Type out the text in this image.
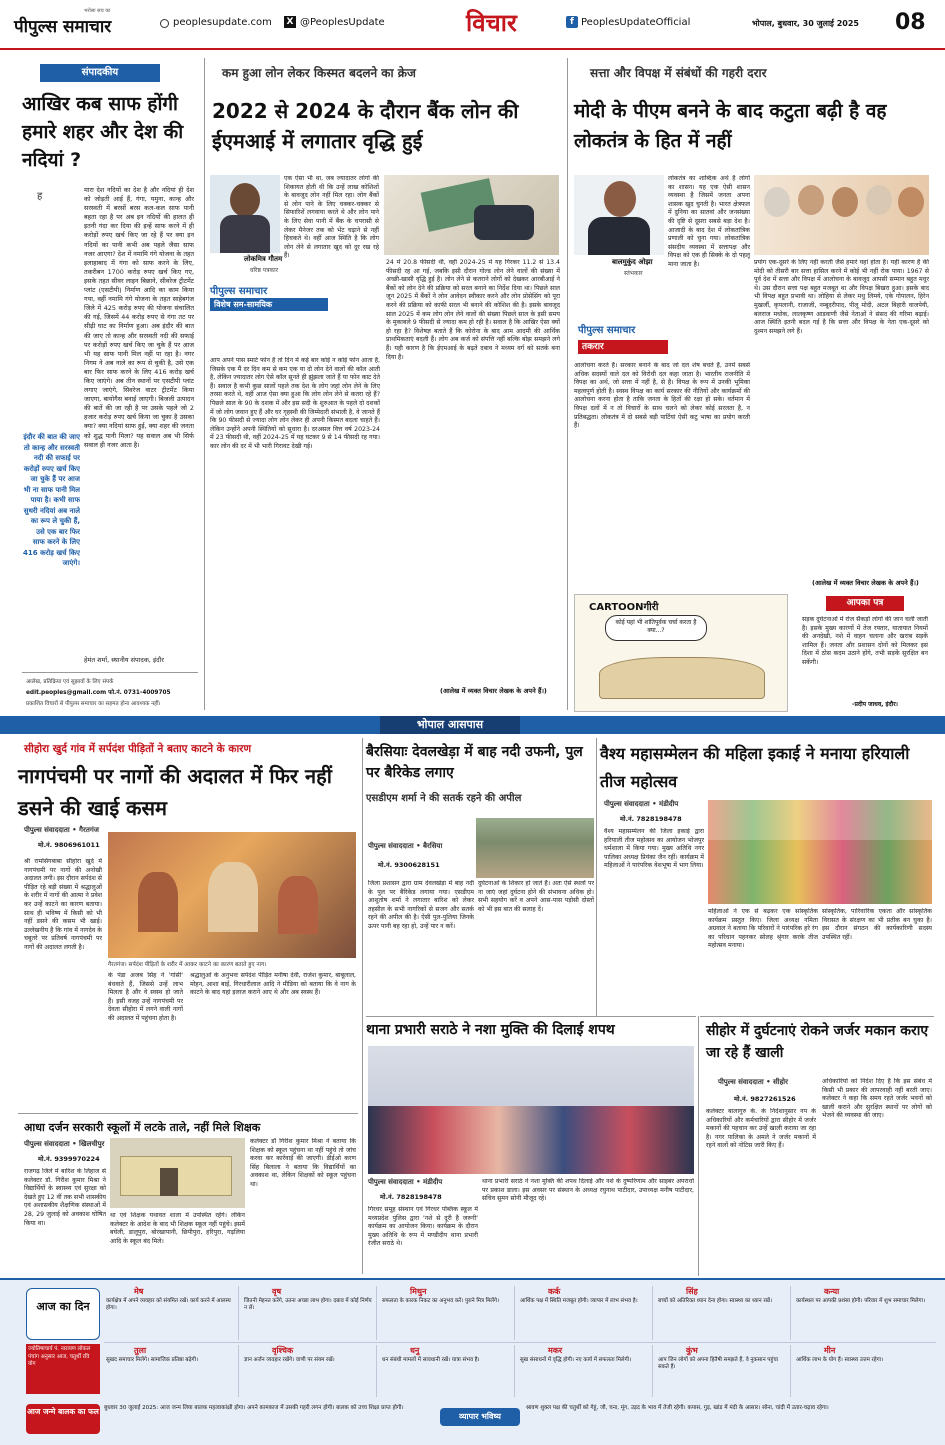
भरोसा सच का
पीपुल्स समाचार	peoplesupdate.com X @PeoplesUpdate	विचार	f PeoplesUpdateOfficial	भोपाल, बुधवार, 30 जुलाई 2025 08
संपादकीय
आखिर कब साफ होंगी हमारे शहर और देश की नदियां ?
ह
मारा देश नदियों का देश है और नदियां ही देश को जोड़ती आई हैं, गंगा, यमुना, कान्ह और सरस्वती में बरसों बरस कल-कल साफ पानी बहता रहा है पर अब इन नदियों की हालत ही इतनी गंदा कर दिया की इन्हें साफ करने में ही करोड़ों रुपए खर्च किए जा रहे हैं पर क्या इन नदियों का पानी कभी अब पहले जैसा साफ नजर आएगा? देश में नमामि गंगे योजना के तहत इलाहाबाद में गंगा को साफ करने के लिए, तकरीबन 1700 करोड़ रुपए खर्च किए गए, इसके तहत सीवर लाइन बिछाने, सीवरेज ट्रीटमेंट प्लांट (एसटीपी) निर्माण आदि का काम किया गया, वहीं नमामि गंगे योजना के तहत साहेबगंज जिले में 425 करोड़ रुपए की योजना संचालित की गई, जिसमें 44 करोड़ रुपए से गंगा तट पर सीढ़ी घाट का निर्माण हुआ। अब इंदौर की बात की जाए तो कान्ह और सरस्वती नदी की सफाई पर करोड़ों रुपए खर्च किए जा चुके हैं पर आज भी यह साफ पानी मिल नहीं पा रहा है। नगर निगम ने अब नाले का रूप से चुकी है, उसे एक बार फिर साफ करने के लिए 416 करोड़ खर्च किए जाएंगे। अब तीन स्थानों पर एसटीपी प्लांट लगाए जाएंगे, सिवरेज वाटर ट्रीटमेंट किया जाएगा, बायोगैस बनाई जाएगी। बिजली उत्पादन की बातें की जा रही है पर उसके पहले जो 2 हजार करोड़ रुपए खर्च किया जा चुका है उसका क्या? क्या नदियां साफ हुई, क्या शहर की जनता को शुद्ध पानी मिला? यह सवाल अब भी सिर्फ सवाल ही नजर आता है।
इंदौर की बात की जाए तो कान्ह और सरस्वती नदी की सफाई पर करोड़ों रुपए खर्च किए जा चुके हैं पर आज भी ना साफ पानी मिल पाया है। कभी साफ सुथरी नदियां अब नाले का रूप ले चुकी हैं, उसे एक बार फिर साफ करने के लिए 416 करोड़ खर्च किए जाएंगे।
हेमंत शर्मा, स्थानीय संपादक, इंदौर
आलेख, प्रतिक्रिया एवं सुझावों के लिए संपर्क
edit.peoples@gmail.com फो.नं. 0731-4009705
प्रकाशित विचारों से पीपुल्स समाचार का सहमत होना आवश्यक नहीं।
कम हुआ लोन लेकर किस्मत बदलने का क्रेज
2022 से 2024 के दौरान बैंक लोन की ईएमआई में लगातार वृद्धि हुई
लोकमित्र गौतम
वरिष्ठ पत्रकार
पीपुल्स समाचार
विशेष सम-सामयिक
एक ऐसा भी था, जब ज्यादातर लोगों की शिकायत होती थी कि उन्हें लाख कोशिशों के बावजूद लोन नहीं मिल रहा। लोग बैंकों से लोन पाने के लिए चक्कर-चक्कर से सिफारिशें लगवाया करते थे और लोन पाने के लिए सेवा पानी में बैंक के चपरासी से लेकर मैनेजर तक को भेंट चढ़ाने से नहीं हिचकते थे। वहीं आज स्थिति है कि लोग लोन लेने से लगातार खुद को दूर रख रहे हैं।
आप अपने पास स्मार्ट फोन है तो दिन में कई बार कोई न कोई फोन आता है, जिसके एक मैं दर दिन कम से कम एक या दो लोन देने वालों की कॉल आती है, लेकिन ज्यादातर लोग ऐसे कॉल सुनते ही झुंझला जाते हैं या फोन काट देते हैं। सवाल है कभी कुछ सालों पहले तक देश के लोग जहां लोन लेने के लिए तरसा करते थे, वहीं आज ऐसा क्या हुआ कि लोग लोन लेने से कतरा रहे हैं? पिछले साल के 90 के दशक में और इस सदी के शुरुआत के पहले दो दशकों में जो लोग जवान हुए हैं और घर गृहस्थी की जिम्मेदारी संभाली है, वे जानते हैं कि 90 फीसदी से ज्यादा लोग लोन लेकर ही अपनी किस्मत बदला चाहते हैं। लेकिन उन्होंने अपनी स्थितियों को सुधारा है। दरअसल वित्त वर्ष 2023-24 में 23 फीसदी थी, वहीं 2024-25 में यह घटकर 9 से 14 फीसदी रह गया। कार लोन की दर में भी भारी गिरावट देखी गई।
24 में 20.8 फीसदी थी, वहीं 2024-25 में यह गिरकर 11.2 से 13.4 फीसदी रह आ गई, जबकि इसी दौरान गोल्ड लोन लेने वालों की संख्या में अच्छी-खासी वृद्धि हुई है। लोन लेने से कतराने लोगों को देखकर आरबीआई ने बैंकों को लोन देने की प्रक्रिया को सरल बनाने का निर्देश दिया था। पिछले साल जून 2025 में बैंकों ने लोन आवेदन स्वीकार करने और लोन प्रोसेसिंग को पूरा करने की प्रक्रिया को काफी सरल भी बनाने की कोशिश की है। इसके बावजूद साल 2025 में कम लोग लोन लेने वालों की संख्या पिछले साल के इसी समय के मुकाबले 9 फीसदी से ज्यादा कम हो रही है। सवाल है कि आखिर ऐसा क्यों हो रहा है? विशेषज्ञ बताते हैं कि कोरोना के बाद आम आदमी की आर्थिक प्राथमिकताएं बदली हैं। लोग अब कर्ज को संपत्ति नहीं बल्कि बोझ समझने लगे हैं। यही कारण है कि ईएमआई के बढ़ते दबाव ने मध्यम वर्ग को सतर्क बना दिया है।
(आलेख में व्यक्त विचार लेखक के अपने हैं।)
सत्ता और विपक्ष में संबंधों की गहरी दरार
मोदी के पीएम बनने के बाद कटुता बढ़ी है वह लोकतंत्र के हित में नहीं
बालमुकुंद ओझा
स्तंभकार
पीपुल्स समाचार
तकरार
लोकतंत्र का शाब्दिक अर्थ है लोगों का शासन। यह एक ऐसी शासन व्यवस्था है जिसमें जनता अपना शासक खुद चुनती है। भारत क्षेत्रफल में दुनिया का सातवां और जनसंख्या की दृष्टि से दूसरा सबसे बड़ा देश है। आजादी के बाद देश में लोकतांत्रिक प्रणाली को चुना गया। लोकतांत्रिक संसदीय व्यवस्था में सत्तापक्ष और विपक्ष को एक ही सिक्के के दो पहलू माना जाता है।
आलोचना करते हैं। सरकार बनाने के बाद जो दल शेष बचते हैं, उनमें सबसे अधिक सदस्यों वाले दल को विरोधी दल कहा जाता है। भारतीय राजनीति में विपक्ष का अर्थ, जो सत्ता में नहीं है, से है। विपक्ष के रूप में उनकी भूमिका महत्वपूर्ण होती है। स्वस्थ विपक्ष का कार्य सरकार की नीतियों और कार्यक्रमों की आलोचना करना होता है ताकि जनता के हितों की रक्षा हो सके। वर्तमान में विपक्ष दलों में न तो विचारों के साथ चलने को लेकर कोई सरलता है, न प्रतिबद्धता। लोकतंत्र में दो सबसे बड़ी पार्टियां ऐसी कटु भाषा का प्रयोग करती हैं।
प्रयोग एक-दूसरे के लिए नहीं करती जैसे हमारे यहां होता है। यही कारण है की मोदी को तीसरी बार सत्ता हासिल करने में कोई भी नहीं रोक पाया। 1967 से पूर्व देश में सत्ता और विपक्ष में आलोचना के बावजूद आपसी सम्मान बहुत मधुर थे। उस दौरान सत्ता पक्ष बहुत मजबूत था और विपक्ष बिखरा हुआ। इसके बाद भी विपक्ष बहुत प्रभावी था। लोहिया से लेकर मधु लिमये, एके गोपालन, हिरेन मुखर्जी, कृपलानी, राजाजी, नम्बूदरीपाद, पीलू मोदी, अटल बिहारी वाजपेयी, बलराज मधोक, लालकृष्ण आडवाणी जैसे नेताओं ने संसद की गरिमा बढ़ाई। आज स्थिति इतनी बदल गई है कि सत्ता और विपक्ष के नेता एक-दूसरे को दुश्मन समझने लगे हैं।
(आलेख में व्यक्त विचार लेखक के अपने हैं।)
CARTOONगीरी
कोई यहां भी शांतिपूर्वक चर्चा करता है क्या...?
आपका पत्र
सड़क दुर्घटनाओं में रोज सैकड़ों लोगों की जान चली जाती है। इसके मुख्य कारणों में तेज रफ्तार, यातायात नियमों की अनदेखी, नशे में वाहन चलाना और खराब सड़कें शामिल हैं। जनता और प्रशासन दोनों को मिलकर इस दिशा में ठोस कदम उठाने होंगे, तभी सड़कें सुरक्षित बन सकेंगी।
-प्रदीप जाधव, इंदौर।
भोपाल आसपास
सीहोरा खुर्द गांव में सर्पदंश पीड़ितों ने बताए काटने के कारण
नागपंचमी पर नागों की अदालत में फिर नहीं डसने की खाई कसम
पीपुल्स संवाददाता • गैरतगंज
मो.नं. 9806961011
गैरतगंज। सर्पदंश पीड़ितों के शरीर में आकर काटने का कारण बताते हुए नाग।
श्री रामसिंगबाबा सीहोरा खुर्द में नागपंचमी पर नागों की अनोखी अदालत लगी। इस दौरान सर्पदंश से पीड़ित रहे बड़ी संख्या में श्रद्धालुओं के शरीर में नागों की आत्मा ने प्रवेश कर उन्हें काटने का कारण बताया। साथ ही भविष्य में किसी को भी नहीं डसने की कसम भी खाई। उल्लेखनीय है कि गांव में नागदेव के चबूतरे पर प्रतिवर्ष नागपंचमी पर नागों की अदालत लगती है।
के पंडा अजब सिंह ने 'गांसी' बंधवाते हैं, जिससे उन्हें लाभ मिलता है और वे स्वस्थ हो जाते हैं। इसी वजह उन्हें नागपंचमी पर देवता सीहोरा में लगने वाली नागों की अदालत में पहुंचना होता है।
श्रद्धालुओं के अनुभवः सर्पदंश पीड़ित मनीषा देवी, राजेश कुमार, बाबूलाल, मोहन, आशा बाई, गिरधारीलाल आदि ने मीडिया को बताया कि वे नाग के काटने के बाद यहां इलाज कराने आए थे और अब स्वस्थ हैं।
आधा दर्जन सरकारी स्कूलों में लटके ताले, नहीं मिले शिक्षक
पीपुल्स संवाददाता • खिलचीपुर
मो.नं. 9399970224
राजगढ़ जिले में बारिश के लिहाज से कलेक्टर डॉ. गिरीश कुमार मिश्रा ने विद्यार्थियों के स्वास्थ्य एवं सुरक्षा को देखते हुए 12 वीं तक सभी शासकीय एवं अशासकीय शैक्षणिक संस्थाओं में 28, 29 जुलाई को अवकाश घोषित किया था।
था एवं शिक्षक यथावत शाला में उपस्थित रहेंगे। लेकिन कलेक्टर के आदेश के बाद भी शिक्षक स्कूल नहीं पहुंचे। इसमें बघेली, डालूपुरा, बोरखापानी, छिपीपुरा, हरिपुरा, गढ़लिया आदि के स्कूल बंद मिले।
कलेक्टर डॉ गिरीश कुमार मिश्रा ने बताया कि शिक्षक को स्कूल पहुंचना था नहीं पहुंचे तो जांच करवा कर कार्रवाई की जाएगी। डीईओ करण सिंह बिलाला ने बताया कि विद्यार्थियों का अवकाश था, लेकिन शिक्षकों को स्कूल पहुंचना था।
बैरसियाः देवलखेड़ा में बाह नदी उफनी, पुल पर बैरिकेड लगाए
एसडीएम शर्मा ने की सतर्क रहने की अपील
पीपुल्स संवाददाता • बैरसिया
मो.नं. 9300628151
जिला प्रशासन द्वारा ग्राम देवलखेड़ा में बाह नदी के पुल पर बैरिकेड लगाया गया। एसडीएम आशुतोष शर्मा ने लगातार बारिश को लेकर तहसील के सभी नागरिकों से सजग और सतर्क रहने की अपील की है। ऐसी पुल-पुलिया जिनके ऊपर पानी बह रहा हो, उन्हें पार न करें।
दुर्घटनाओं के शिकार हो जाते हैं। अतः ऐसे स्थलों पर ना जाएं जहां दुर्घटना होने की संभावना अधिक हो। सभी सहयोग करें व अपने आस-पास पड़ोसी दोस्तों को भी इस बात की सलाह दें।
थाना प्रभारी सराठे ने नशा मुक्ति की दिलाई शपथ
पीपुल्स संवाददाता • मंडीदीप
मो.नं. 7828198478
गिरधर समूह संस्थान एवं गिरधर पब्लिक स्कूल में मध्यप्रदेश पुलिस द्वारा 'नशे से दूरी है जरूरी' कार्यक्रम का आयोजन किया। कार्यक्रम के दौरान मुख्य अतिथि के रूप में मण्डीदीप थाना प्रभारी रंजीत सराठे थे।
थाना प्रभारी सराठे ने नशा मुक्ति की शपथ दिलाई और नशे के दुष्परिणाम और साइबर अपराधों पर प्रकाश डाला। इस अवसर पर संस्थान के अध्यक्ष रघुनाथ पाटीदार, उपाध्यक्ष मनीष पाटीदार, सचिव सुमन सोनी मौजूद रहे।
वैश्य महासम्मेलन की महिला इकाई ने मनाया हरियाली तीज महोत्सव
पीपुल्स संवाददाता • मंडीदीप
मो.नं. 7828198478
वैश्य महासम्मेलन की जिला इकाई द्वारा हरियाली तीज महोत्सव का आयोजन भोजपुर धर्मशाला में किया गया। मुख्य अतिथि नगर पालिका अध्यक्ष प्रियंका जैन रहीं। कार्यक्रम में महिलाओं ने पारंपरिक वेशभूषा में भाग लिया।
महिलाओं ने एक से बढ़कर एक सांस्कृतिक कार्यक्रम प्रस्तुत किए। जिला अध्यक्ष नमिता अग्रवाल ने बताया कि परिवारों ने पारंपरिक हरे रंग का परिधान पहनकर सोलह श्रृंगार करके तीज महोत्सव मनाया।
सांस्कृतिक, पारिवारिक एकता और सांस्कृतिक विरासत के संरक्षण का भी प्रतीक बन चुका है। इस दौरान संगठन की कार्यकारिणी सदस्य उपस्थित रहीं।
सीहोर में दुर्घटनाएं रोकने जर्जर मकान कराए जा रहे हैं खाली
पीपुल्स संवाददाता • सीहोर
मो.नं. 9827261526
कलेक्टर बालागुरु के. के निर्देशानुसार नप के अधिकारियों और कर्मचारियों द्वारा सीहोर में जर्जर मकानों की पहचान कर उन्हें खाली कराया जा रहा है। नगर पालिका के अमले ने जर्जर मकानों में रहने वालों को नोटिस जारी किए हैं।
अधिकारियों को निर्देश दिए हैं कि इस संबंध में किसी भी प्रकार की लापरवाही नहीं बरती जाए। कलेक्टर ने कहा कि समय रहते जर्जर भवनों को खाली कराने और सुरक्षित स्थानों पर लोगों को भेजने की व्यवस्था की जाए।
आज का दिन
ज्योतिषाचार्य पं. नारायण लोकल पंचांग अनुसार आज, चतुर्थी रवि योग
मेष
कार्यक्षेत्र में अपने व्यवहार को संयमित रखें। कार्य करने में आलस्य होगा।
वृष
जितनी मेहनत करेंगे, उतना अच्छा लाभ होगा। दबाव में कोई निर्णय न लें।
मिथुन
सफलता के कारक निकट का अनुभव करें। पुराने मित्र मिलेंगे।
कर्क
आर्थिक पक्ष में स्थिति मजबूत होगी। व्यापार में लाभ संभव है।
सिंह
बच्चों को अतिरिक्त ध्यान देना होगा। स्वास्थ्य का ध्यान रखें।
कन्या
कार्यस्थल पर आपकी प्रशंसा होगी। परिवार में शुभ समाचार मिलेगा।
तुला
सुखद समाचार मिलेंगे। सामाजिक प्रतिष्ठा बढ़ेगी।
वृश्चिक
ज्ञान अर्जन व्यवहार रखेंगे। वाणी पर संयम रखें।
धनु
धन संबंधी मामलों में सावधानी रखें। यात्रा संभव है।
मकर
सुख संसाधनों में वृद्धि होगी। नए कार्य में सफलता मिलेगी।
कुंभ
आप जिन लोगों को अपना हितैषी समझते हैं, वे नुकसान पहुंचा सकते हैं।
मीन
आर्थिक लाभ के योग हैं। स्वास्थ्य उत्तम रहेगा।
आज जन्मे बालक का फल बुधवार 30 जुलाई 2025: आज जन्म लिया बालक महत्वाकांक्षी होगा। अपने कामकाज में उसकी गहरी लगन होगी। बालक को उच्च शिक्षा प्राप्त होगी।
व्यापार भविष्य
श्रावण शुक्ल पक्ष की चतुर्थी को गेहूं, जौ, चना, मूंग, उड़द के भाव में तेजी रहेगी। कपास, गुड़, खांड में मंदी के आसार। सोना, चांदी में उतार-चढ़ाव रहेगा।
